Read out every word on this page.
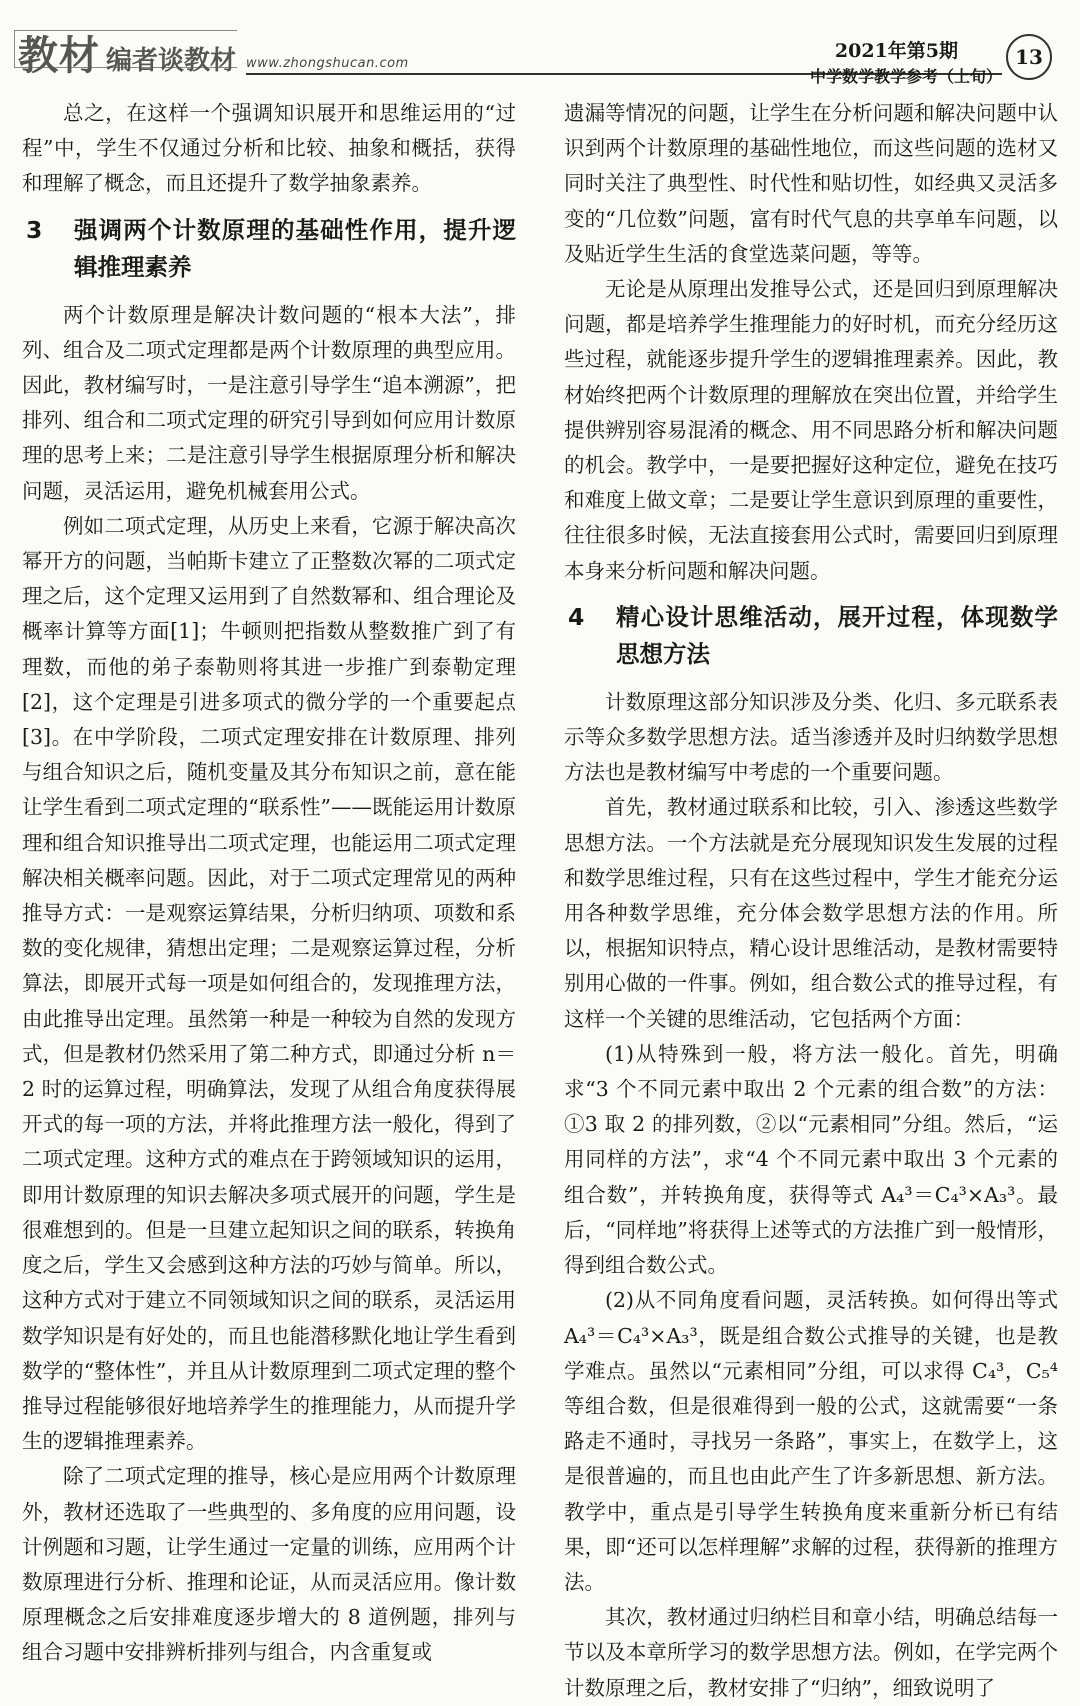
教材 编者谈教材 www.zhongshucan.com
2021年第5期
中学数学教学参考（上旬）
13

总之，在这样一个强调知识展开和思维运用的“过程”中，学生不仅通过分析和比较、抽象和概括，获得和理解了概念，而且还提升了数学抽象素养。

3	强调两个计数原理的基础性作用，提升逻辑推理素养

两个计数原理是解决计数问题的“根本大法”，排列、组合及二项式定理都是两个计数原理的典型应用。因此，教材编写时，一是注意引导学生“追本溯源”，把排列、组合和二项式定理的研究引导到如何应用计数原理的思考上来；二是注意引导学生根据原理分析和解决问题，灵活运用，避免机械套用公式。

例如二项式定理，从历史上来看，它源于解决高次幂开方的问题，当帕斯卡建立了正整数次幂的二项式定理之后，这个定理又运用到了自然数幂和、组合理论及概率计算等方面[1]；牛顿则把指数从整数推广到了有理数，而他的弟子泰勒则将其进一步推广到泰勒定理[2]，这个定理是引进多项式的微分学的一个重要起点[3]。在中学阶段，二项式定理安排在计数原理、排列与组合知识之后，随机变量及其分布知识之前，意在能让学生看到二项式定理的“联系性”——既能运用计数原理和组合知识推导出二项式定理，也能运用二项式定理解决相关概率问题。因此，对于二项式定理常见的两种推导方式：一是观察运算结果，分析归纳项、项数和系数的变化规律，猜想出定理；二是观察运算过程，分析算法，即展开式每一项是如何组合的，发现推理方法，由此推导出定理。虽然第一种是一种较为自然的发现方式，但是教材仍然采用了第二种方式，即通过分析 n＝2 时的运算过程，明确算法，发现了从组合角度获得展开式的每一项的方法，并将此推理方法一般化，得到了二项式定理。这种方式的难点在于跨领域知识的运用，即用计数原理的知识去解决多项式展开的问题，学生是很难想到的。但是一旦建立起知识之间的联系，转换角度之后，学生又会感到这种方法的巧妙与简单。所以，这种方式对于建立不同领域知识之间的联系，灵活运用数学知识是有好处的，而且也能潜移默化地让学生看到数学的“整体性”，并且从计数原理到二项式定理的整个推导过程能够很好地培养学生的推理能力，从而提升学生的逻辑推理素养。

除了二项式定理的推导，核心是应用两个计数原理外，教材还选取了一些典型的、多角度的应用问题，设计例题和习题，让学生通过一定量的训练，应用两个计数原理进行分析、推理和论证，从而灵活应用。像计数原理概念之后安排难度逐步增大的 8 道例题，排列与组合习题中安排辨析排列与组合，内含重复或

遗漏等情况的问题，让学生在分析问题和解决问题中认识到两个计数原理的基础性地位，而这些问题的选材又同时关注了典型性、时代性和贴切性，如经典又灵活多变的“几位数”问题，富有时代气息的共享单车问题，以及贴近学生生活的食堂选菜问题，等等。

无论是从原理出发推导公式，还是回归到原理解决问题，都是培养学生推理能力的好时机，而充分经历这些过程，就能逐步提升学生的逻辑推理素养。因此，教材始终把两个计数原理的理解放在突出位置，并给学生提供辨别容易混淆的概念、用不同思路分析和解决问题的机会。教学中，一是要把握好这种定位，避免在技巧和难度上做文章；二是要让学生意识到原理的重要性，往往很多时候，无法直接套用公式时，需要回归到原理本身来分析问题和解决问题。

4	精心设计思维活动，展开过程，体现数学思想方法

计数原理这部分知识涉及分类、化归、多元联系表示等众多数学思想方法。适当渗透并及时归纳数学思想方法也是教材编写中考虑的一个重要问题。

首先，教材通过联系和比较，引入、渗透这些数学思想方法。一个方法就是充分展现知识发生发展的过程和数学思维过程，只有在这些过程中，学生才能充分运用各种数学思维，充分体会数学思想方法的作用。所以，根据知识特点，精心设计思维活动，是教材需要特别用心做的一件事。例如，组合数公式的推导过程，有这样一个关键的思维活动，它包括两个方面：

(1)从特殊到一般，将方法一般化。首先，明确求“3 个不同元素中取出 2 个元素的组合数”的方法：①3 取 2 的排列数，②以“元素相同”分组。然后，“运用同样的方法”，求“4 个不同元素中取出 3 个元素的组合数”，并转换角度，获得等式 A₄³＝C₄³×A₃³。最后，“同样地”将获得上述等式的方法推广到一般情形，得到组合数公式。

(2)从不同角度看问题，灵活转换。如何得出等式 A₄³＝C₄³×A₃³，既是组合数公式推导的关键，也是教学难点。虽然以“元素相同”分组，可以求得 C₄³，C₅⁴ 等组合数，但是很难得到一般的公式，这就需要“一条路走不通时，寻找另一条路”，事实上，在数学上，这是很普遍的，而且也由此产生了许多新思想、新方法。教学中，重点是引导学生转换角度来重新分析已有结果，即“还可以怎样理解”求解的过程，获得新的推理方法。

其次，教材通过归纳栏目和章小结，明确总结每一节以及本章所学习的数学思想方法。例如，在学完两个计数原理之后，教材安排了“归纳”，细致说明了
